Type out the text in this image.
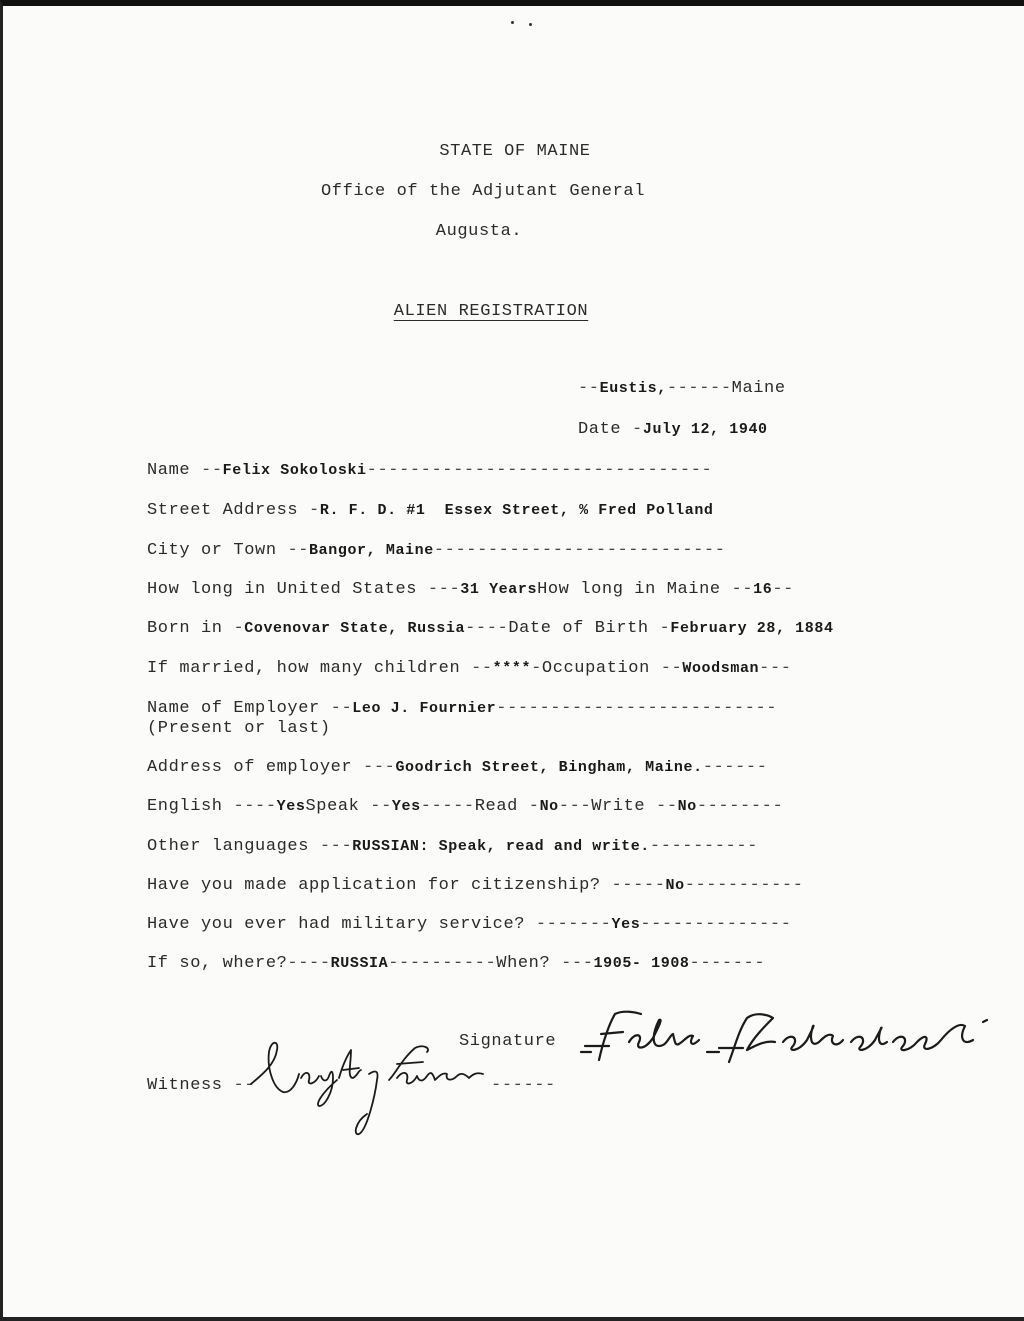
STATE OF MAINE
Office of the Adjutant General
Augusta.
ALIEN REGISTRATION
--Eustis,------Maine
Date -July 12, 1940
Name --Felix Sokoloski--------------------------------
Street Address -R. F. D. #1  Essex Street, % Fred Polland
City or Town --Bangor, Maine---------------------------
How long in United States ---31 YearsHow long in Maine --16--
Born in -Covenovar State, Russia----Date of Birth -February 28, 1884
If married, how many children --****-Occupation --Woodsman---
Name of Employer --Leo J. Fournier--------------------------
(Present or last)
Address of employer ---Goodrich Street, Bingham, Maine.------
English ----YesSpeak --Yes-----Read -No---Write --No--------
Other languages ---RUSSIAN: Speak, read and write.----------
Have you made application for citizenship? -----No-----------
Have you ever had military service? -------Yes--------------
If so, where?----RUSSIA----------When? ---1905- 1908-------
Signature
Witness --	------
